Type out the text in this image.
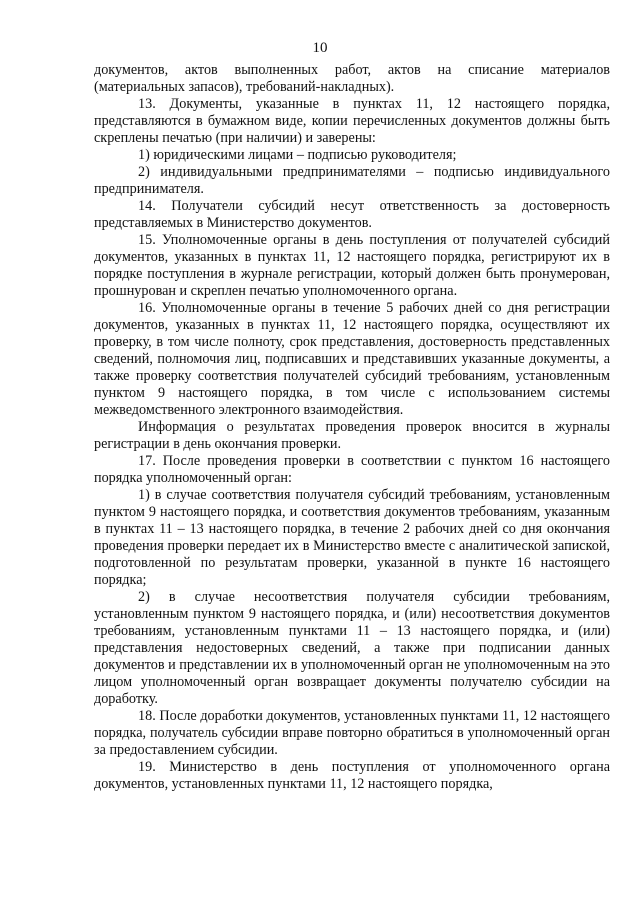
10

документов, актов выполненных работ, актов на списание материалов (материальных запасов), требований-накладных).

13. Документы, указанные в пунктах 11, 12 настоящего порядка, представляются в бумажном виде, копии перечисленных документов должны быть скреплены печатью (при наличии) и заверены:

1) юридическими лицами – подписью руководителя;

2) индивидуальными предпринимателями – подписью индивидуального предпринимателя.

14. Получатели субсидий несут ответственность за достоверность представляемых в Министерство документов.

15. Уполномоченные органы в день поступления от получателей субсидий документов, указанных в пунктах 11, 12 настоящего порядка, регистрируют их в порядке поступления в журнале регистрации, который должен быть пронумерован, прошнурован и скреплен печатью уполномоченного органа.

16. Уполномоченные органы в течение 5 рабочих дней со дня регистрации документов, указанных в пунктах 11, 12 настоящего порядка, осуществляют их проверку, в том числе полноту, срок представления, достоверность представленных сведений, полномочия лиц, подписавших и представивших указанные документы, а также проверку соответствия получателей субсидий требованиям, установленным пунктом 9 настоящего порядка, в том числе с использованием системы межведомственного электронного взаимодействия.

Информация о результатах проведения проверок вносится в журналы регистрации в день окончания проверки.

17. После проведения проверки в соответствии с пунктом 16 настоящего порядка уполномоченный орган:

1) в случае соответствия получателя субсидий требованиям, установленным пунктом 9 настоящего порядка, и соответствия документов требованиям, указанным в пунктах 11 – 13 настоящего порядка, в течение 2 рабочих дней со дня окончания проведения проверки передает их в Министерство вместе с аналитической запиской, подготовленной по результатам проверки, указанной в пункте 16 настоящего порядка;

2) в случае несоответствия получателя субсидии требованиям, установленным пунктом 9 настоящего порядка, и (или) несоответствия документов требованиям, установленным пунктами 11 – 13 настоящего порядка, и (или) представления недостоверных сведений, а также при подписании данных документов и представлении их в уполномоченный орган не уполномоченным на это лицом уполномоченный орган возвращает документы получателю субсидии на доработку.

18. После доработки документов, установленных пунктами 11, 12 настоящего порядка, получатель субсидии вправе повторно обратиться в уполномоченный орган за предоставлением субсидии.

19. Министерство в день поступления от уполномоченного органа документов, установленных пунктами 11, 12 настоящего порядка,
